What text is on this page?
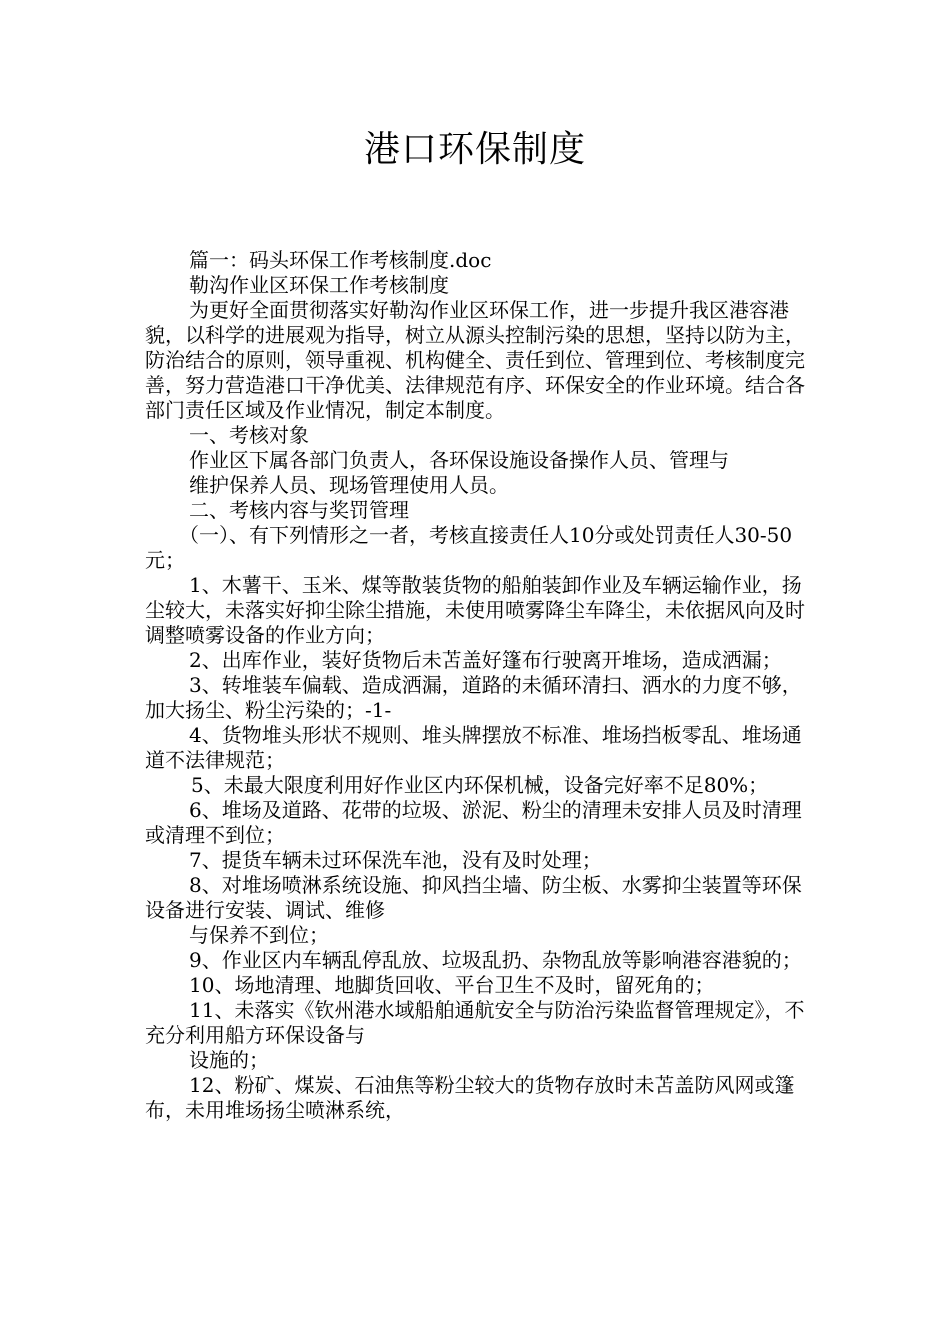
港口环保制度

篇一：码头环保工作考核制度.doc

勒沟作业区环保工作考核制度

为更好全面贯彻落实好勒沟作业区环保工作，进一步提升我区港容港貌，以科学的进展观为指导，树立从源头控制污染的思想，坚持以防为主，防治结合的原则，领导重视、机构健全、责任到位、管理到位、考核制度完善，努力营造港口干净优美、法律规范有序、环保安全的作业环境。结合各部门责任区域及作业情况，制定本制度。

一、考核对象

作业区下属各部门负责人，各环保设施设备操作人员、管理与

维护保养人员、现场管理使用人员。

二、考核内容与奖罚管理

（一）、有下列情形之一者，考核直接责任人10分或处罚责任人30-50元；

1、木薯干、玉米、煤等散装货物的船舶装卸作业及车辆运输作业，扬尘较大，未落实好抑尘除尘措施，未使用喷雾降尘车降尘，未依据风向及时调整喷雾设备的作业方向；

2、出库作业，装好货物后未苫盖好篷布行驶离开堆场，造成洒漏；

3、转堆装车偏载、造成洒漏，道路的未循环清扫、洒水的力度不够，加大扬尘、粉尘污染的；-1-

4、货物堆头形状不规则、堆头牌摆放不标准、堆场挡板零乱、堆场通道不法律规范；

5、未最大限度利用好作业区内环保机械，设备完好率不足80%；

6、堆场及道路、花带的垃圾、淤泥、粉尘的清理未安排人员及时清理或清理不到位；

7、提货车辆未过环保洗车池，没有及时处理；

8、对堆场喷淋系统设施、抑风挡尘墙、防尘板、水雾抑尘装置等环保设备进行安装、调试、维修

与保养不到位；

9、作业区内车辆乱停乱放、垃圾乱扔、杂物乱放等影响港容港貌的；

10、场地清理、地脚货回收、平台卫生不及时，留死角的；

11、未落实《钦州港水域船舶通航安全与防治污染监督管理规定》，不充分利用船方环保设备与

设施的；

12、粉矿、煤炭、石油焦等粉尘较大的货物存放时未苫盖防风网或篷布，未用堆场扬尘喷淋系统，
